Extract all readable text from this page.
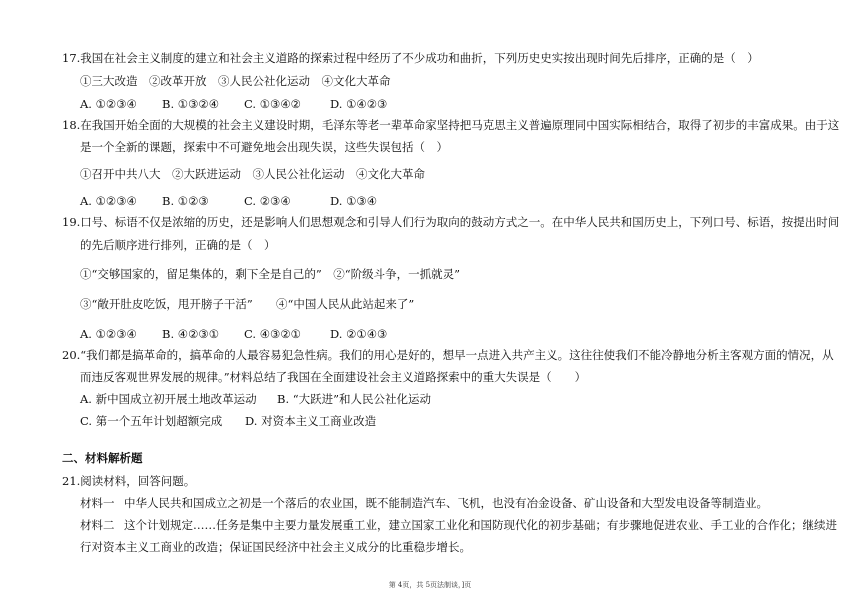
17.我国在社会主义制度的建立和社会主义道路的探索过程中经历了不少成功和曲折，下列历史史实按出现时间先后排序，正确的是（　）
①三大改造　②改革开放　③人民公社化运动　④文化大革命
A. ①②③④ B. ①③②④ C. ①③④②	D. ①④②③
18.在我国开始全面的大规模的社会主义建设时期，毛泽东等老一辈革命家坚持把马克思主义普遍原理同中国实际相结合，取得了初步的丰富成果。由于这
是一个全新的课题，探索中不可避免地会出现失误，这些失误包括（　）
①召开中共八大　②大跃进运动　③人民公社化运动　④文化大革命
A. ①②③④ B. ①②③	C. ②③④	D. ①③④
19.口号、标语不仅是浓缩的历史，还是影响人们思想观念和引导人们行为取向的鼓动方式之一。在中华人民共和国历史上，下列口号、标语，按提出时间
的先后顺序进行排列，正确的是（　）
①“交够国家的，留足集体的，剩下全是自己的”　②“阶级斗争，一抓就灵”
③“敞开肚皮吃饭，甩开膀子干活” ④“中国人民从此站起来了”
A. ①②③④ B. ④②③① C. ④③②①	D. ②①④③
20.“我们都是搞革命的，搞革命的人最容易犯急性病。我们的用心是好的，想早一点进入共产主义。这往往使我们不能冷静地分析主客观方面的情况，从
而违反客观世界发展的规律。”材料总结了我国在全面建设社会主义道路探索中的重大失误是（　　）
A. 新中国成立初开展土地改革运动 B. “大跃进”和人民公社化运动
C. 第一个五年计划超额完成 D. 对资本主义工商业改造
二、材料解析题
21.阅读材料，回答问题。
材料一 中华人民共和国成立之初是一个落后的农业国，既不能制造汽车、飞机，也没有冶金设备、矿山设备和大型发电设备等制造业。
材料二 这个计划规定……任务是集中主要力量发展重工业，建立国家工业化和国防现代化的初步基础；有步骤地促进农业、手工业的合作化；继续进
行对资本主义工商业的改造；保证国民经济中社会主义成分的比重稳步增长。
第 4页，共 5页法制谈，]页
